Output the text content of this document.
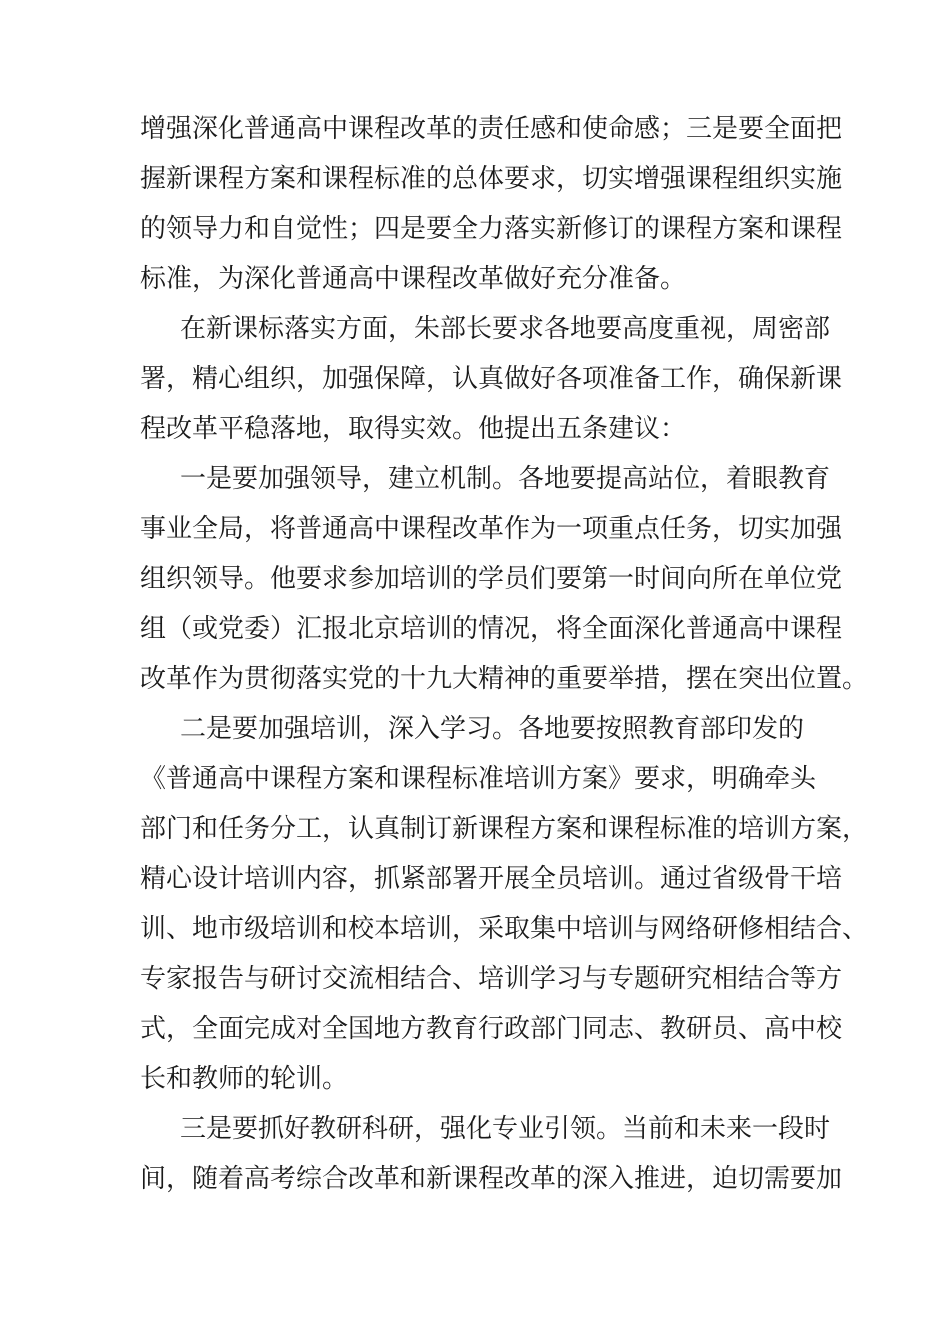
增强深化普通高中课程改革的责任感和使命感；三是要全面把
握新课程方案和课程标准的总体要求，切实增强课程组织实施
的领导力和自觉性；四是要全力落实新修订的课程方案和课程
标准，为深化普通高中课程改革做好充分准备。
在新课标落实方面，朱部长要求各地要高度重视，周密部
署，精心组织，加强保障，认真做好各项准备工作，确保新课
程改革平稳落地，取得实效。他提出五条建议：
一是要加强领导，建立机制。各地要提高站位，着眼教育
事业全局，将普通高中课程改革作为一项重点任务，切实加强
组织领导。他要求参加培训的学员们要第一时间向所在单位党
组（或党委）汇报北京培训的情况，将全面深化普通高中课程
改革作为贯彻落实党的十九大精神的重要举措，摆在突出位置。
二是要加强培训，深入学习。各地要按照教育部印发的
《普通高中课程方案和课程标准培训方案》要求，明确牵头
部门和任务分工，认真制订新课程方案和课程标准的培训方案，
精心设计培训内容，抓紧部署开展全员培训。通过省级骨干培
训、地市级培训和校本培训，采取集中培训与网络研修相结合、
专家报告与研讨交流相结合、培训学习与专题研究相结合等方
式，全面完成对全国地方教育行政部门同志、教研员、高中校
长和教师的轮训。
三是要抓好教研科研，强化专业引领。当前和未来一段时
间，随着高考综合改革和新课程改革的深入推进，迫切需要加
